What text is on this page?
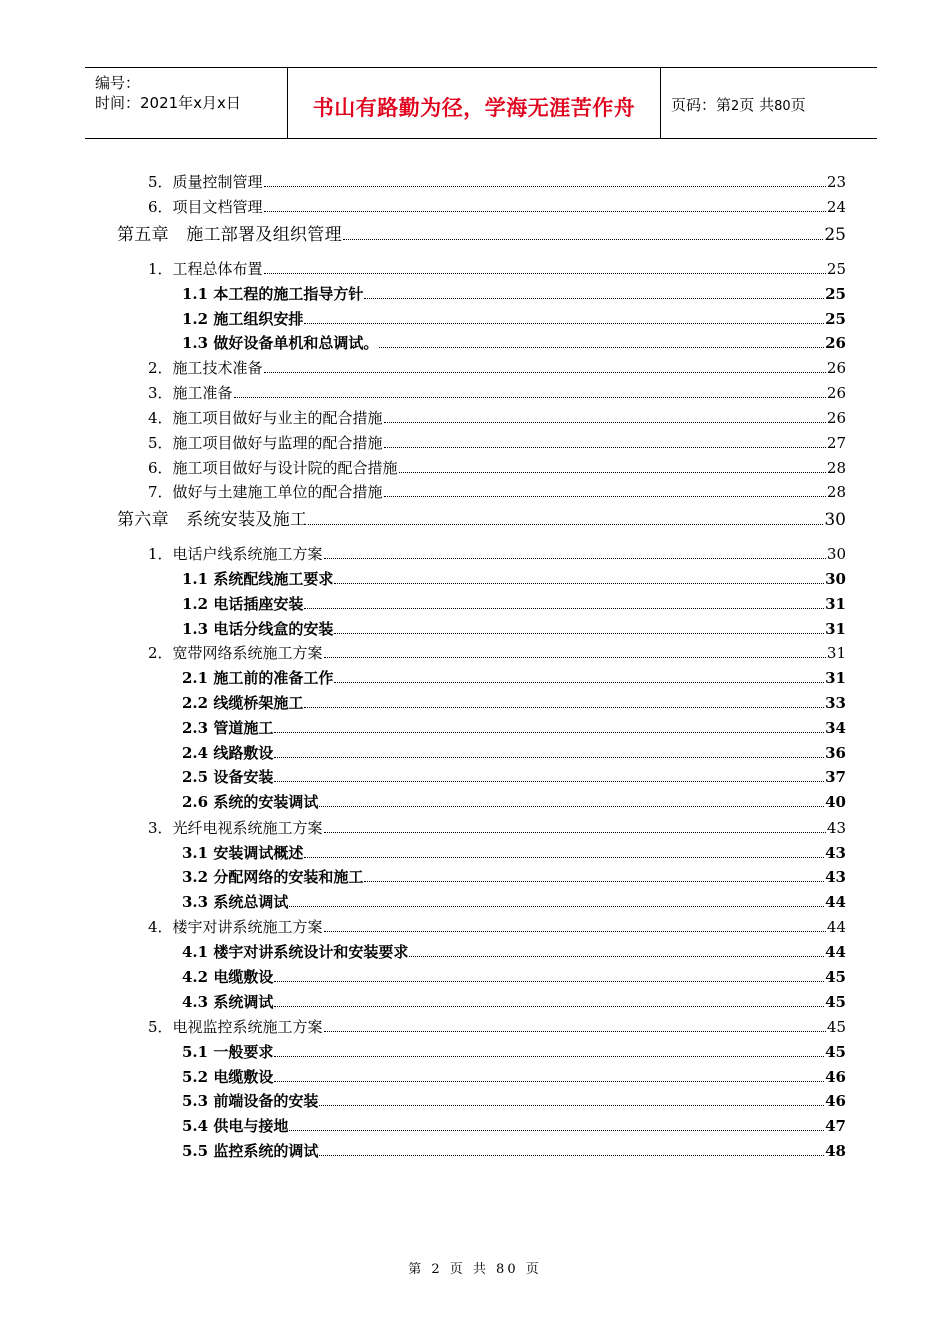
编号：
时间：2021年x月x日	书山有路勤为径，学海无涯苦作舟	页码：第2页 共80页
5．质量控制管理	23
6．项目文档管理	24
第五章　施工部署及组织管理	25
1．工程总体布置	25
1.1 本工程的施工指导方针	25
1.2 施工组织安排	25
1.3 做好设备单机和总调试。	26
2．施工技术准备	26
3．施工准备	26
4．施工项目做好与业主的配合措施	26
5．施工项目做好与监理的配合措施	27
6．施工项目做好与设计院的配合措施	28
7．做好与土建施工单位的配合措施	28
第六章　系统安装及施工	30
1．电话户线系统施工方案	30
1.1 系统配线施工要求	30
1.2 电话插座安装	31
1.3 电话分线盒的安装	31
2．宽带网络系统施工方案	31
2.1 施工前的准备工作	31
2.2 线缆桥架施工	33
2.3 管道施工	34
2.4 线路敷设	36
2.5 设备安装	37
2.6 系统的安装调试	40
3．光纤电视系统施工方案	43
3.1 安装调试概述	43
3.2 分配网络的安装和施工	43
3.3 系统总调试	44
4．楼宇对讲系统施工方案	44
4.1 楼宇对讲系统设计和安装要求	44
4.2 电缆敷设	45
4.3 系统调试	45
5．电视监控系统施工方案	45
5.1 一般要求	45
5.2 电缆敷设	46
5.3 前端设备的安装	46
5.4 供电与接地	47
5.5 监控系统的调试	48
第 2 页 共 80 页
